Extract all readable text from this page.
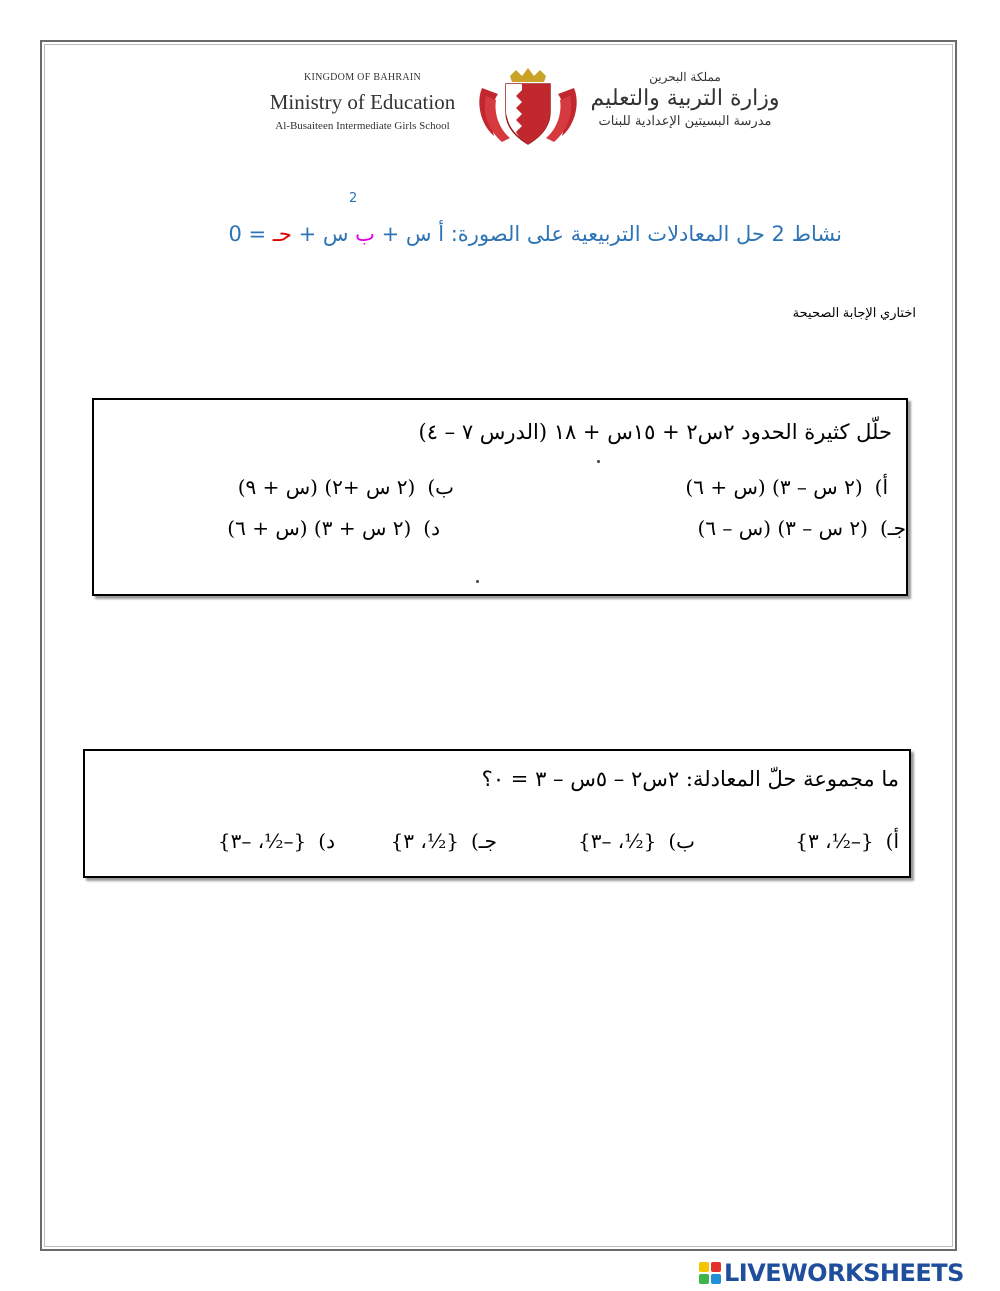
KINGDOM OF BAHRAIN
Ministry of Education
Al-Busaiteen Intermediate Girls School
مملكة البحرين
وزارة التربية والتعليم
مدرسة البسيتين الإعدادية للبنات
2
نشاط 2 حل المعادلات التربيعية على الصورة: أ س + ب س + حـ = 0
اختاري الإجابة الصحيحة
حلّل كثيرة الحدود ٢س٢ + ١٥س + ١٨ (الدرس ٧ – ٤)
أ)(٢ س – ٣) (س + ٦)
ب)(٢ س +٢) (س + ٩)
جـ)(٢ س – ٣) (س – ٦)
د)(٢ س + ٣) (س + ٦)
ما مجموعة حلّ المعادلة: ٢س٢ – ٥س – ٣ = ٠؟
أ){–½، ٣}
ب){½، –٣}
جـ){½، ٣}
د){–½، –٣}
LIVEWORKSHEETS
